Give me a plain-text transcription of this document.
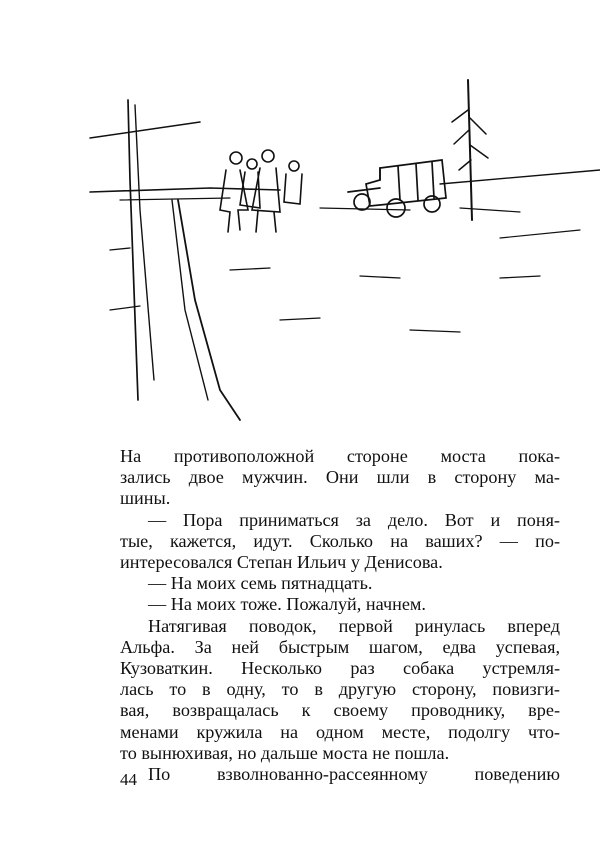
На противоположной стороне моста пока-

зались двое мужчин. Они шли в сторону ма-

шины.

— Пора приниматься за дело. Вот и поня-

тые, кажется, идут. Сколько на ваших? — по-

интересовался Степан Ильич у Денисова.

— На моих семь пятнадцать.

— На моих тоже. Пожалуй, начнем.

Натягивая поводок, первой ринулась вперед

Альфа. За ней быстрым шагом, едва успевая,

Кузоваткин. Несколько раз собака устремля-

лась то в одну, то в другую сторону, повизги-

вая, возвращалась к своему проводнику, вре-

менами кружила на одном месте, подолгу что-

то вынюхивая, но дальше моста не пошла.

По взволнованно-рассеянному поведению

44
